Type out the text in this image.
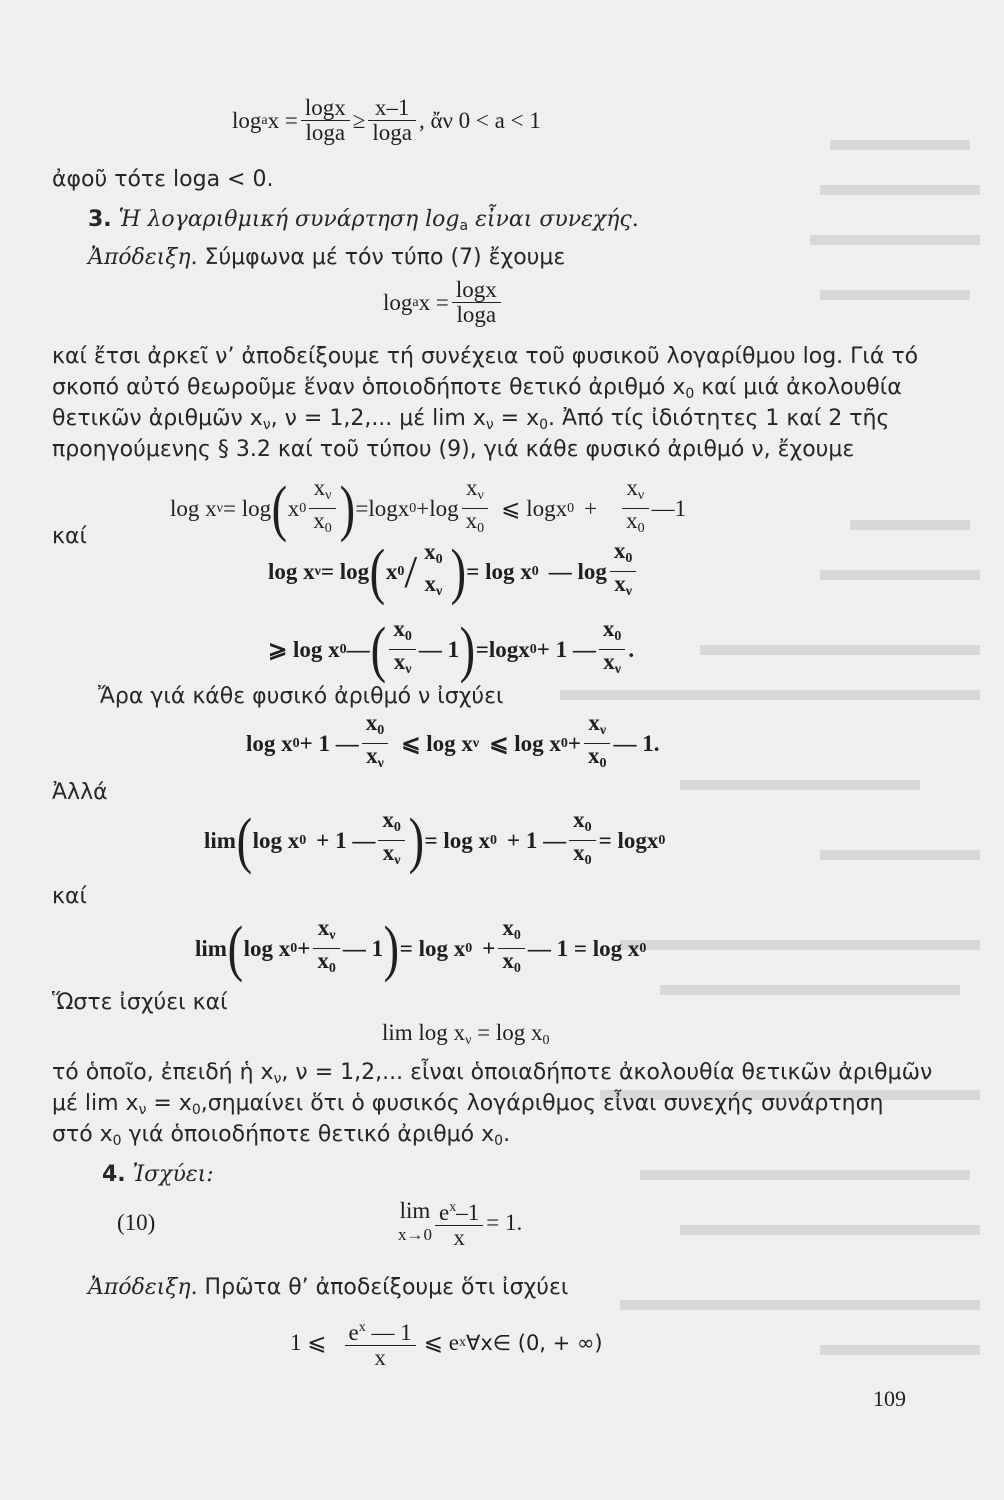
log a $x = \frac{\log x}{\log a} \ge \frac{x-1}{\log a}$ , ἄν 0 < a < 1
ἀφοῦ τότε loga < 0.
3. Ἡ λογαριθμική συνάρτηση $\log_a$ εἶναι συνεχής.
Ἀπόδειξη. Σύμφωνα μέ τόν τύπο (7) ἔχουμε
log a $x = \frac{\log x}{\log a}$
καί ἔτσι ἀρκεῖ ν’ ἀποδείξουμε τή συνέχεια τοῦ φυσικοῦ λογαρίθμου log. Γιά τό
σκοπό αὐτό θεωροῦμε ἕναν ὁποιοδήποτε θετικό ἀριθμό $x_0$ καί μιά ἀκολουθία
θετικῶν ἀριθμῶν $x_\nu$, ν = 1,2,... μέ $\lim x_\nu = x_0$. Ἀπό τίς ἰδιότητες 1 καί 2 τῆς
προηγούμενης § 3.2 καί τοῦ τύπου (9), γιά κάθε φυσικό ἀριθμό ν, ἔχουμε
log x ν = log ( x $0 \frac{x_\nu}{x_0}$ ) =logx $0 +\log \frac{x_\nu}{x_0}$ ⩽ logx $0 + \frac{x_\nu}{x_0}$ —1
καί
log x ν = log ( x $0 / x_0$
$x_\nu$ ) = log x 0 — $\log \frac{x_0}{x_\nu}$
⩾ log x 0 — ( $\frac{x_0}{x_\nu}$ — 1 ) =logx 0 + 1 — $\frac{x_0}{x_\nu}$ .
Ἄρα γιά κάθε φυσικό ἀριθμό ν ἰσχύει
log x 0 + 1 — $\frac{x_0}{x_\nu}$ ⩽ log x ν ⩽ log x $0 + \frac{x_\nu}{x_0}$ — 1.
Ἀλλά
lim ( log x 0 + 1 — $\frac{x_0}{x_\nu}$ ) = log x 0 + 1 — $\frac{x_0}{x_0} = \log x$ 0
καί
lim ( log x $0 + \frac{x_\nu}{x_0}$ — 1 ) = log x $0 + \frac{x_0}{x_0}$ — 1 = log x 0
Ὥστε ἰσχύει καί
$\lim \log x_\nu = \log x_0$
τό ὁποῖο, ἐπειδή ἡ $x_\nu$, ν = 1,2,... εἶναι ὁποιαδήποτε ἀκολουθία θετικῶν ἀριθμῶν
μέ $\lim x_\nu = x_0,\sigma\eta\mu\alpha ί\nu\varepsilon\iota$ ὅτι ὁ φυσικός λογάριθμος εἶναι συνεχής συνάρτηση
στό $x_0$ γιά ὁποιοδήποτε θετικό ἀριθμό $x_0$.
4. Ἰσχύει:
(10)	lim
$x\to 0 \frac{e^x-1}{x} = 1$.
Ἀπόδειξη. Πρῶτα θ’ ἀποδείξουμε ὅτι ἰσχύει
1 ⩽ $\frac{e^x — 1}{x}$ ⩽ e x ∀x∈ (0, + ∞)
109
